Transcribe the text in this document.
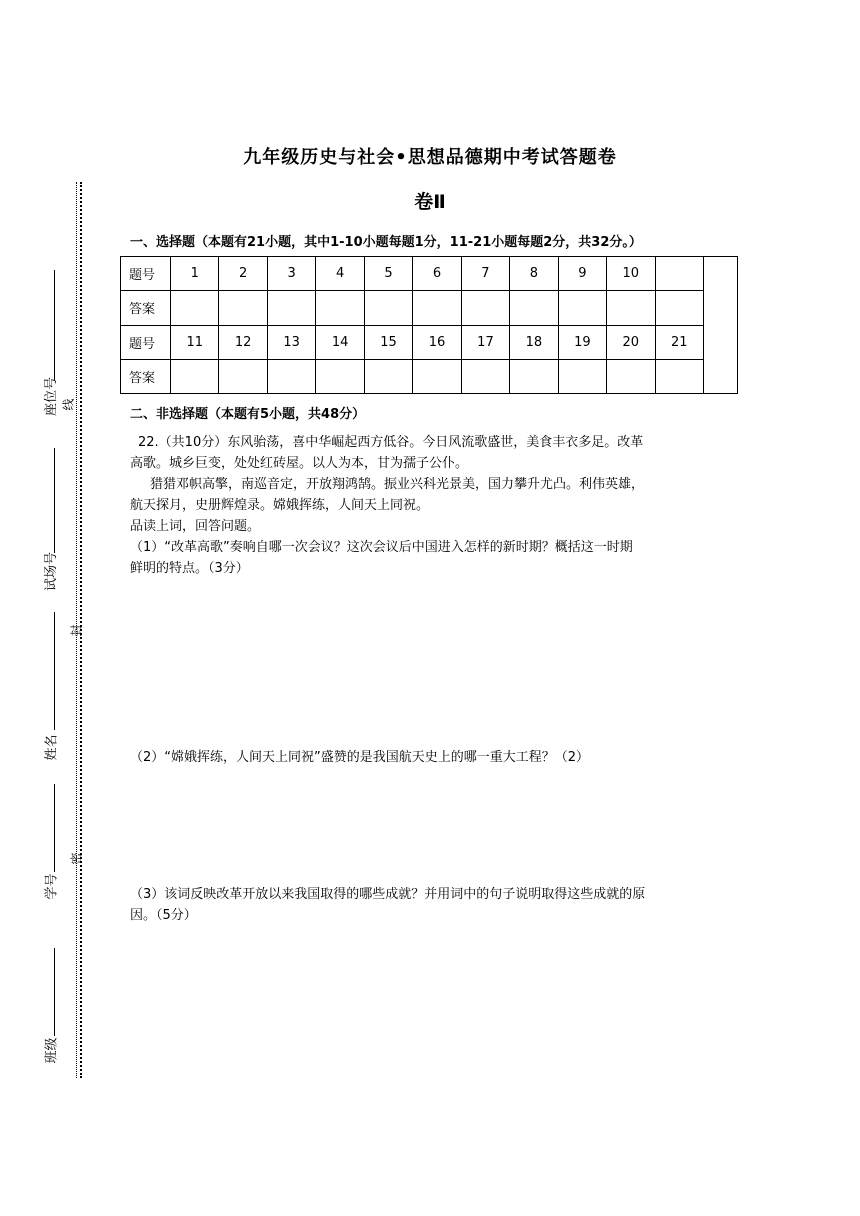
九年级历史与社会•思想品德期中考试答题卷
卷Ⅱ
一、选择题（本题有21小题，其中1-10小题每题1分，11-21小题每题2分，共32分。）
题号	1	2	3	4	5	6	7	8	9	10		
答案												
题号	11	12	13	14	15	16	17	18	19	20	21	
答案												
二、非选择题（本题有5小题，共48分）

22.（共10分）东风骀荡，喜中华崛起西方低谷。今日风流歌盛世，美食丰衣多足。改革

高歌。城乡巨变，处处红砖屋。以人为本，甘为孺子公仆。

猎猎邓帜高擎，南巡音定，开放翔鸿鹄。振业兴科光景美，国力攀升尤凸。利伟英雄，

航天探月，史册辉煌录。嫦娥挥练，人间天上同祝。

品读上词，回答问题。

（1）“改革高歌”奏响自哪一次会议？这次会议后中国进入怎样的新时期？概括这一时期

鲜明的特点。（3分）

（2）“嫦娥挥练，人间天上同祝”盛赞的是我国航天史上的哪一重大工程？（2）

（3）该词反映改革开放以来我国取得的哪些成就？并用词中的句子说明取得这些成就的原

因。（5分）

座位号
试场号
姓名
学号
班级
线
封
密
